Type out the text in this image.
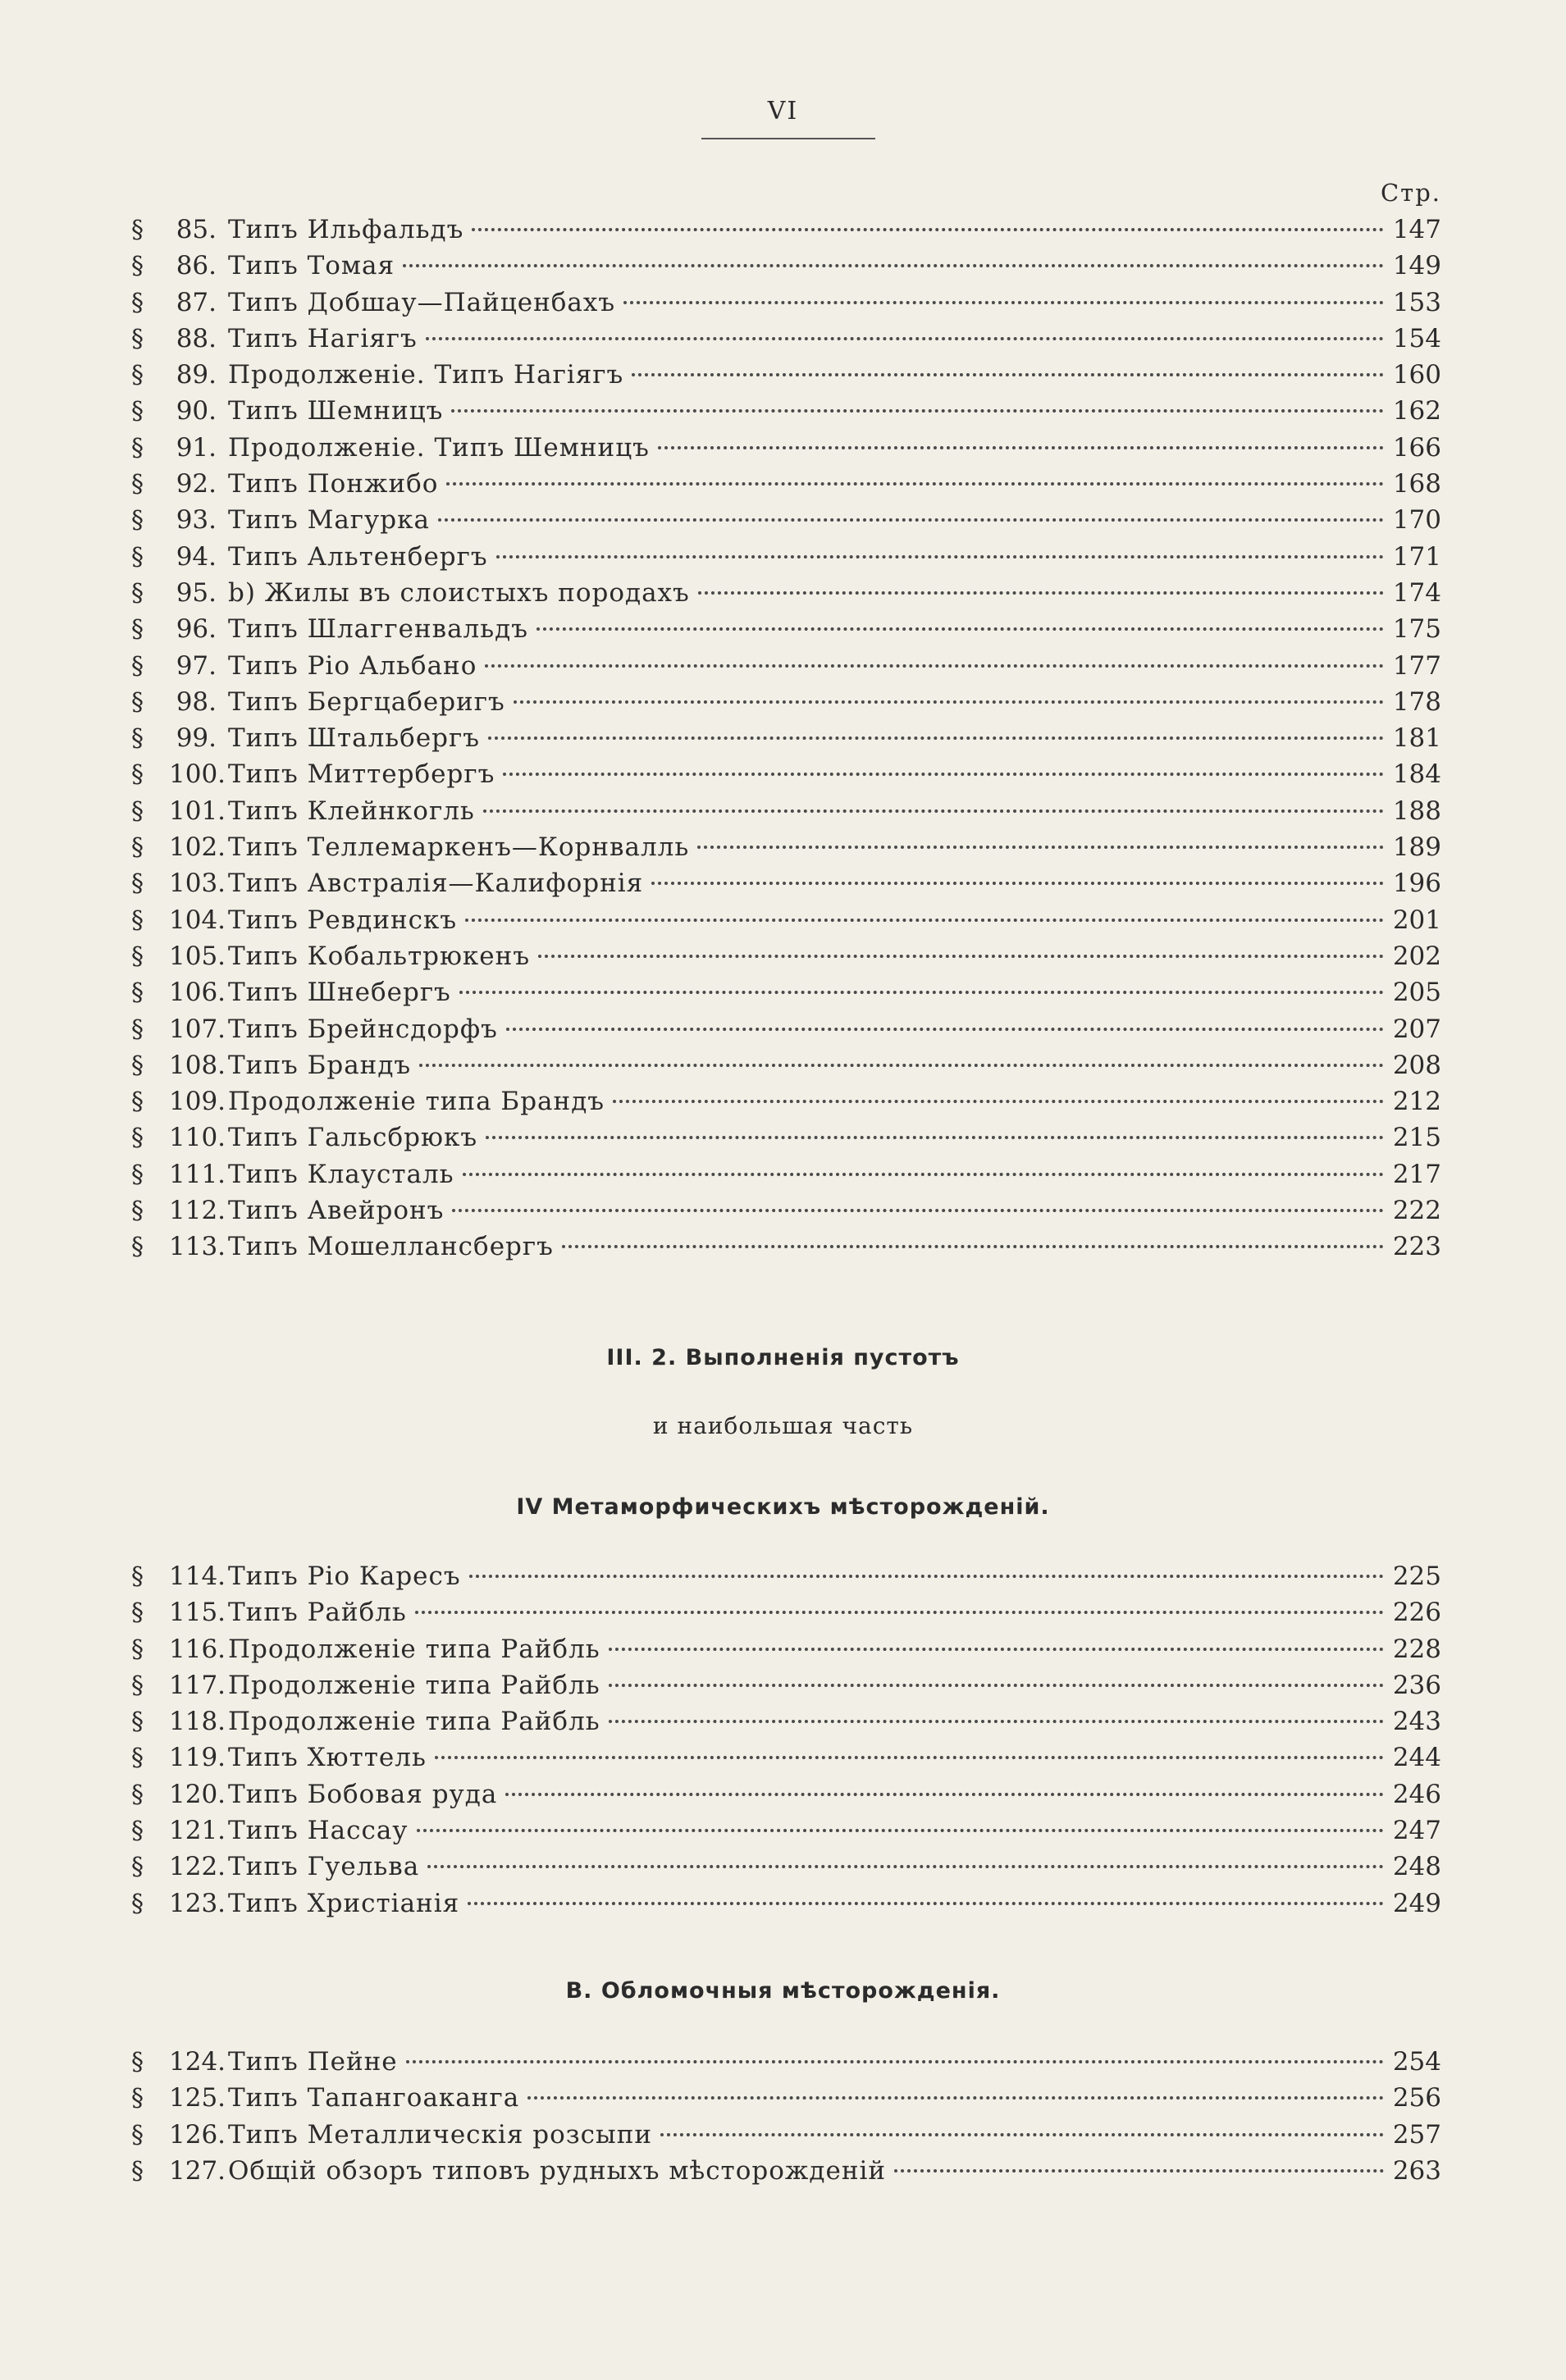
VI
Стр.
§	85. Типъ Ильфальдъ	147
§	86. Типъ Томая	149
§	87. Типъ Добшау—Пайценбахъ	153
§	88. Типъ Нагіягъ	154
§	89. Продолженіе. Типъ Нагіягъ	160
§	90. Типъ Шемницъ	162
§	91. Продолженіе. Типъ Шемницъ	166
§	92. Типъ Понжибо	168
§	93. Типъ Магурка	170
§	94. Типъ Альтенбергъ	171
§	95. b) Жилы въ слоистыхъ породахъ	174
§	96. Типъ Шлаггенвальдъ	175
§	97. Типъ Ріо Альбано	177
§	98. Типъ Бергцаберигъ	178
§	99. Типъ Штальбергъ	181
§	100. Типъ Миттербергъ	184
§	101. Типъ Клейнкогль	188
§	102. Типъ Теллемаркенъ—Корнвалль	189
§	103. Типъ Австралія—Калифорнія	196
§	104. Типъ Ревдинскъ	201
§	105. Типъ Кобальтрюкенъ	202
§	106. Типъ Шнебергъ	205
§	107. Типъ Брейнсдорфъ	207
§	108. Типъ Брандъ	208
§	109. Продолженіе типа Брандъ	212
§	110. Типъ Гальсбрюкъ	215
§	111. Типъ Клаусталь	217
§	112. Типъ Авейронъ	222
§	113. Типъ Мошеллансбергъ	223
III. 2. Выполненія пустотъ
и наибольшая часть
IV Метаморфическихъ мѣсторожденій.
§	114. Типъ Ріо Кaресъ	225
§	115. Типъ Райбль	226
§	116. Продолженіе типа Райбль	228
§	117. Продолженіе типа Райбль	236
§	118. Продолженіе типа Райбль	243
§	119. Типъ Хюттель	244
§	120. Типъ Бобовая руда	246
§	121. Типъ Нассау	247
§	122. Типъ Гуельва	248
§	123. Типъ Христіанія	249
B. Обломочныя мѣсторожденія.
§	124. Типъ Пейнe	254
§	125. Типъ Тапангоаканга	256
§	126. Типъ Металлическія розсыпи	257
§	127. Общій обзоръ типовъ рудныхъ мѣсторожденій	263
